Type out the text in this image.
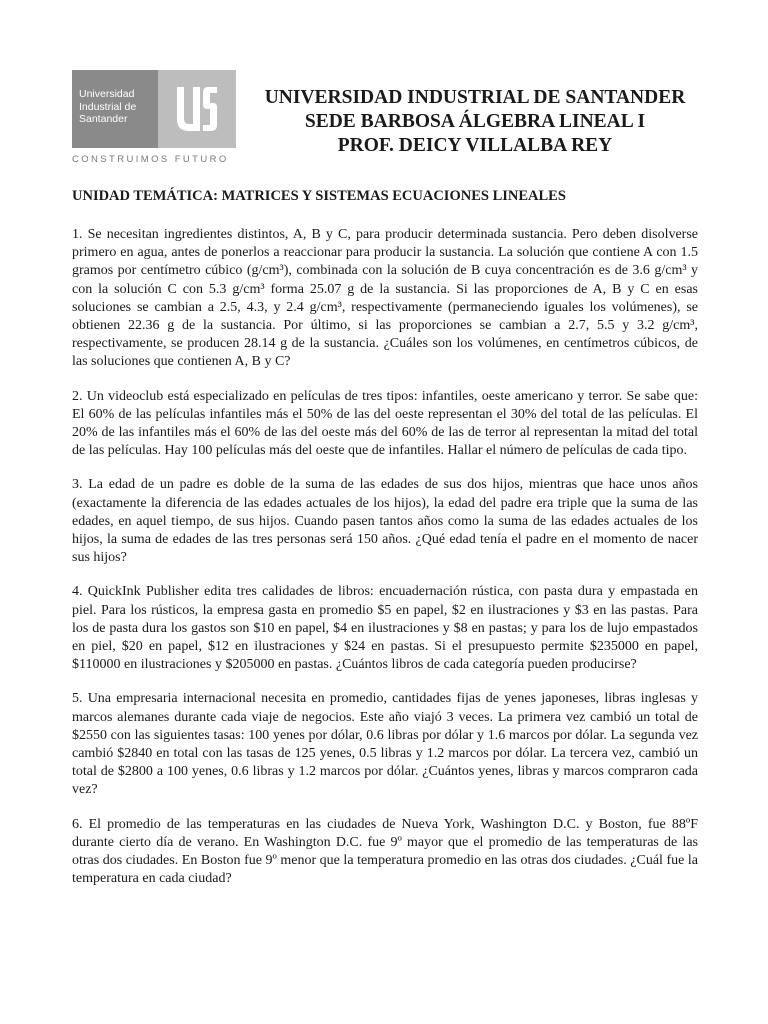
Universidad
Industrial de
Santander
CONSTRUIMOS FUTURO
UNIVERSIDAD INDUSTRIAL DE SANTANDER
SEDE BARBOSA ÁLGEBRA LINEAL I
PROF. DEICY VILLALBA REY
UNIDAD TEMÁTICA: MATRICES Y SISTEMAS ECUACIONES LINEALES

1. Se necesitan ingredientes distintos, A, B y C, para producir determinada sustancia. Pero deben disolverse primero en agua, antes de ponerlos a reaccionar para producir la sustancia. La solución que contiene A con 1.5 gramos por centímetro cúbico (g/cm³), combinada con la solución de B cuya concentración es de 3.6 g/cm³ y con la solución C con 5.3 g/cm³ forma 25.07 g de la sustancia. Si las proporciones de A, B y C en esas soluciones se cambian a 2.5, 4.3, y 2.4 g/cm³, respectivamente (permaneciendo iguales los volúmenes), se obtienen 22.36 g de la sustancia. Por último, si las proporciones se cambian a 2.7, 5.5 y 3.2 g/cm³, respectivamente, se producen 28.14 g de la sustancia. ¿Cuáles son los volúmenes, en centímetros cúbicos, de las soluciones que contienen A, B y C?

2. Un videoclub está especializado en películas de tres tipos: infantiles, oeste americano y terror. Se sabe que: El 60% de las películas infantiles más el 50% de las del oeste representan el 30% del total de las películas. El 20% de las infantiles más el 60% de las del oeste más del 60% de las de terror al representan la mitad del total de las películas. Hay 100 películas más del oeste que de infantiles. Hallar el número de películas de cada tipo.

3. La edad de un padre es doble de la suma de las edades de sus dos hijos, mientras que hace unos años (exactamente la diferencia de las edades actuales de los hijos), la edad del padre era triple que la suma de las edades, en aquel tiempo, de sus hijos. Cuando pasen tantos años como la suma de las edades actuales de los hijos, la suma de edades de las tres personas será 150 años. ¿Qué edad tenía el padre en el momento de nacer sus hijos?

4. QuickInk Publisher edita tres calidades de libros: encuadernación rústica, con pasta dura y empastada en piel. Para los rústicos, la empresa gasta en promedio $5 en papel, $2 en ilustraciones y $3 en las pastas. Para los de pasta dura los gastos son $10 en papel, $4 en ilustraciones y $8 en pastas; y para los de lujo empastados en piel, $20 en papel, $12 en ilustraciones y $24 en pastas. Si el presupuesto permite $235000 en papel, $110000 en ilustraciones y $205000 en pastas. ¿Cuántos libros de cada categoría pueden producirse?

5. Una empresaria internacional necesita en promedio, cantidades fijas de yenes japoneses, libras inglesas y marcos alemanes durante cada viaje de negocios. Este año viajó 3 veces. La primera vez cambió un total de $2550 con las siguientes tasas: 100 yenes por dólar, 0.6 libras por dólar y 1.6 marcos por dólar. La segunda vez cambió $2840 en total con las tasas de 125 yenes, 0.5 libras y 1.2 marcos por dólar. La tercera vez, cambió un total de $2800 a 100 yenes, 0.6 libras y 1.2 marcos por dólar. ¿Cuántos yenes, libras y marcos compraron cada vez?

6. El promedio de las temperaturas en las ciudades de Nueva York, Washington D.C. y Boston, fue 88ºF durante cierto día de verano. En Washington D.C. fue 9º mayor que el promedio de las temperaturas de las otras dos ciudades. En Boston fue 9º menor que la temperatura promedio en las otras dos ciudades. ¿Cuál fue la temperatura en cada ciudad?
